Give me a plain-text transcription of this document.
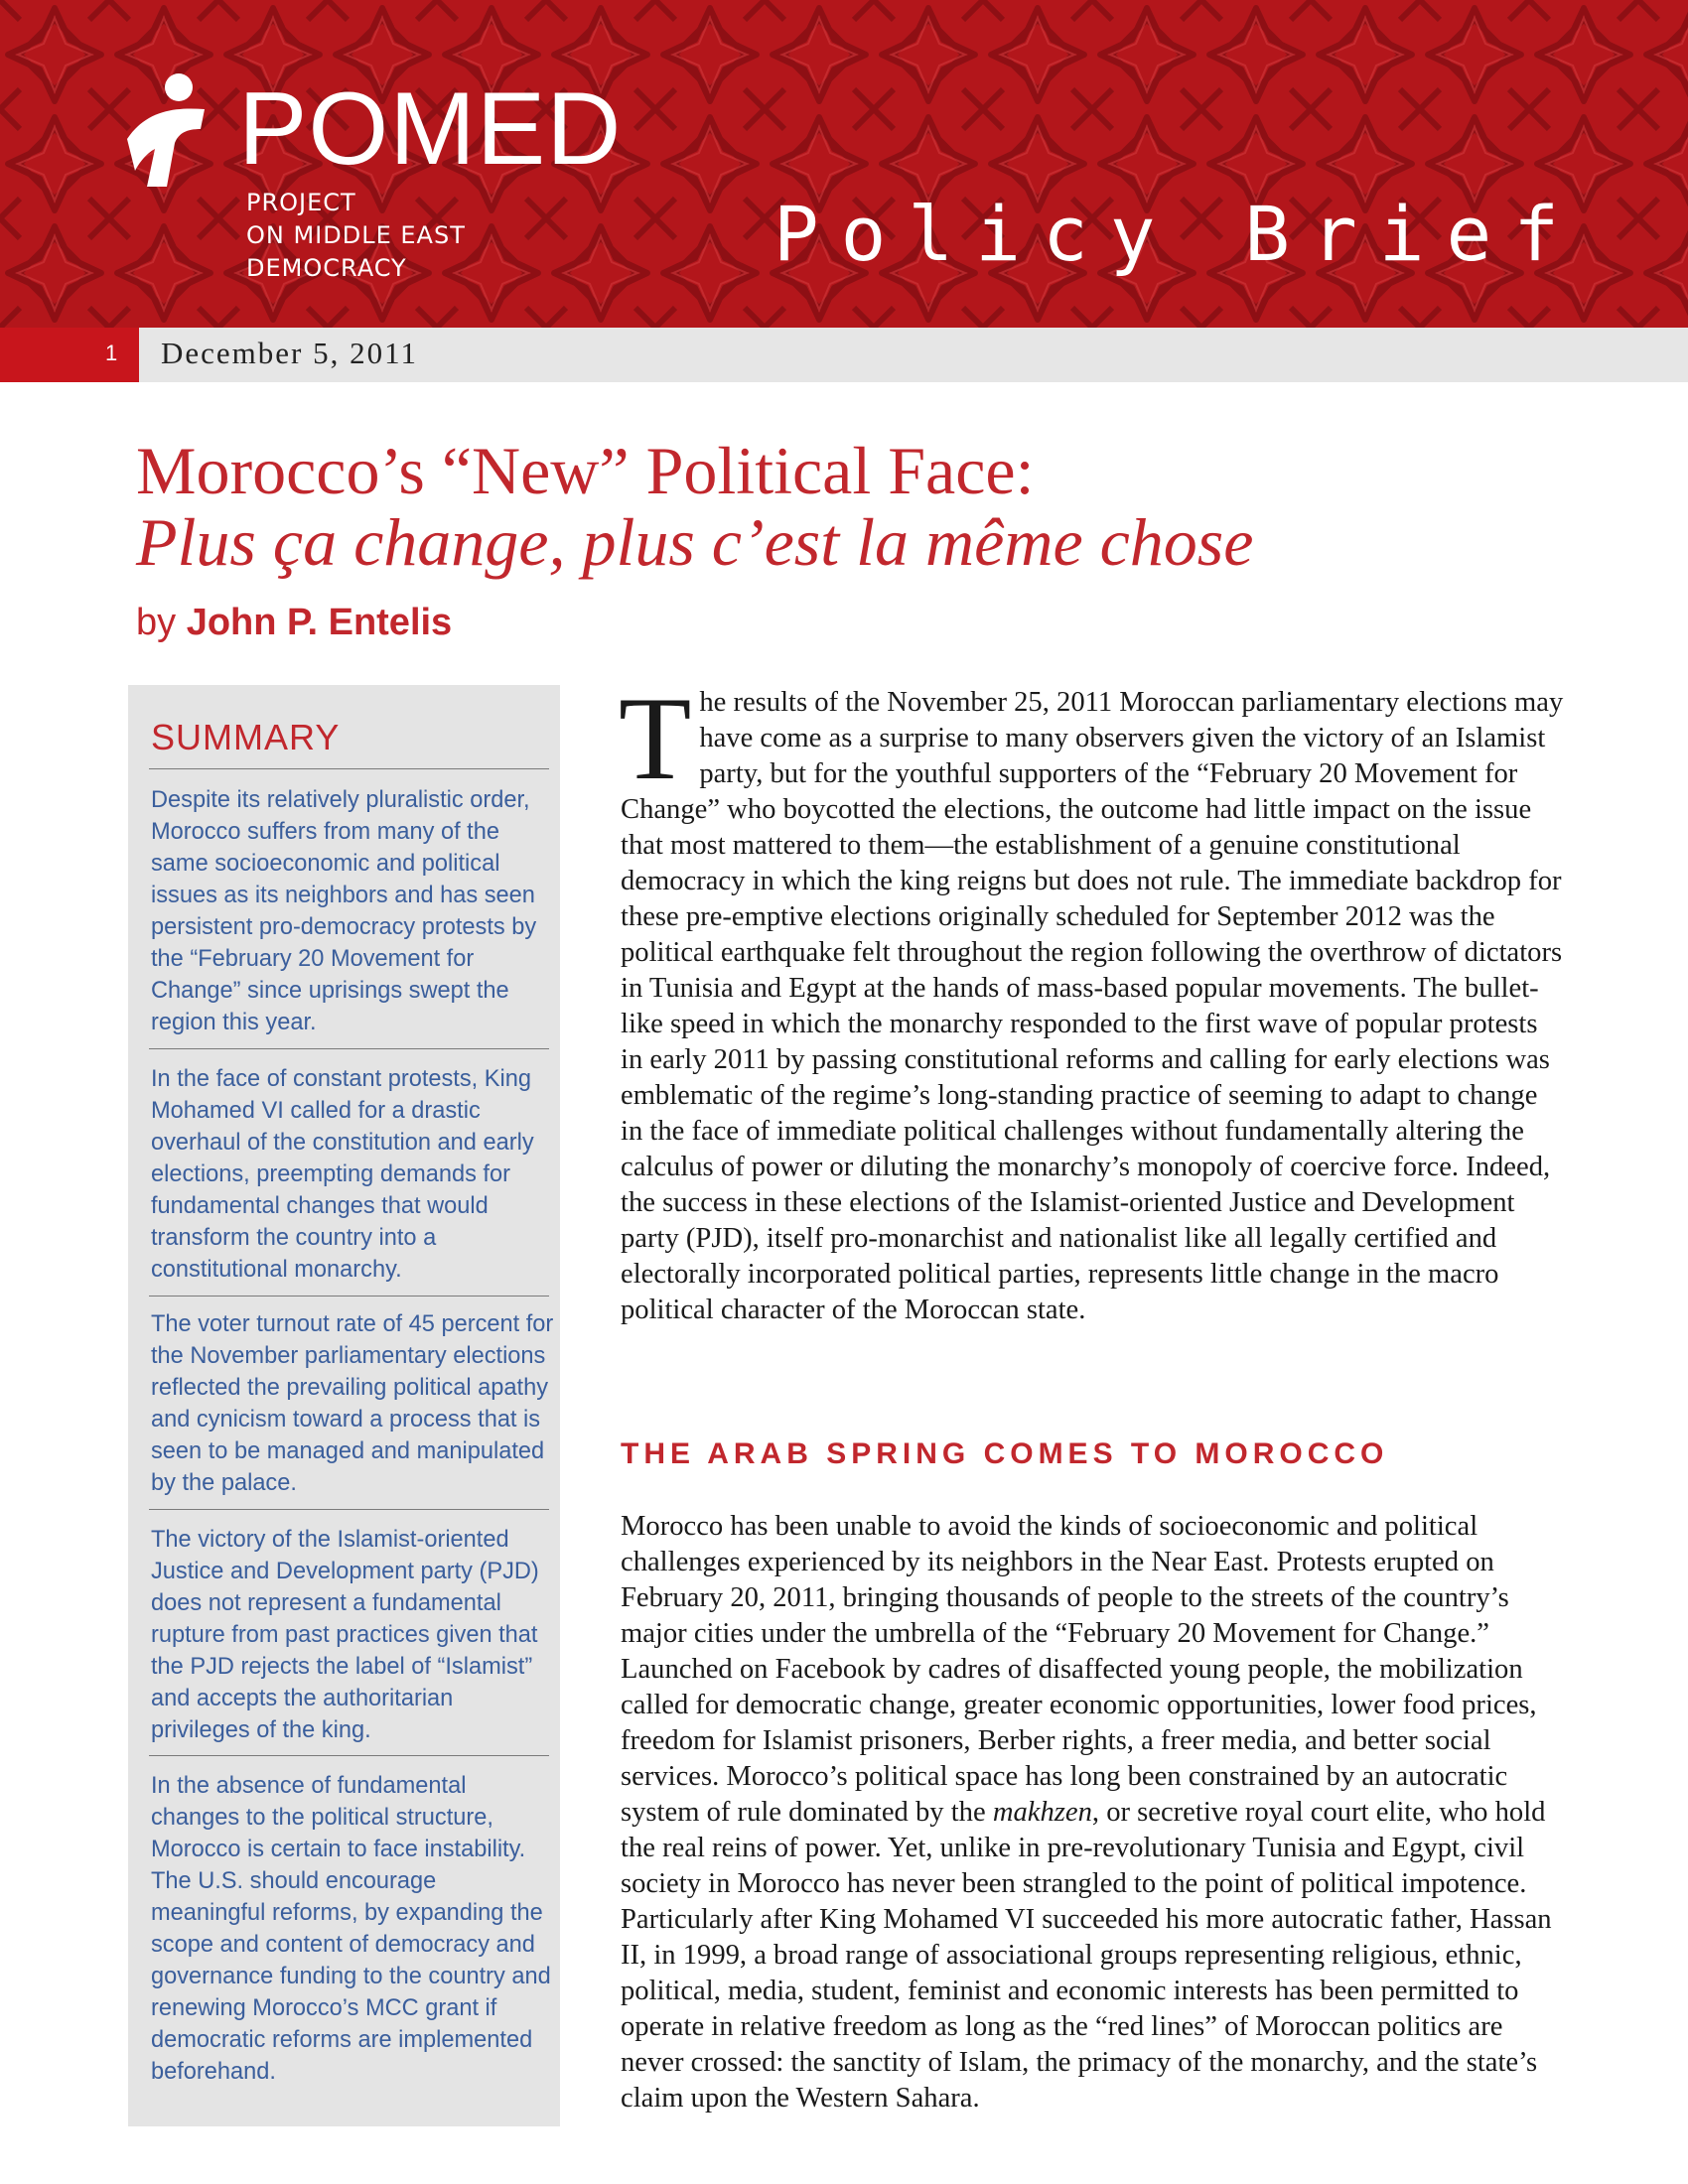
POMED
PROJECT
ON MIDDLE EAST
DEMOCRACY	Policy Brief
1 December 5, 2011
Morocco’s “New” Political Face:
Plus ça change, plus c’est la même chose
by John P. Entelis
SUMMARY

Despite its relatively pluralistic order, Morocco suffers from many of the same socioeconomic and political issues as its neighbors and has seen persistent pro-democracy protests by the “February 20 Movement for Change” since uprisings swept the region this year.

In the face of constant protests, King Mohamed VI called for a drastic overhaul of the constitution and early elections, preempting demands for fundamental changes that would transform the country into a constitutional monarchy.

The voter turnout rate of 45 percent for the November parliamentary elections reflected the prevailing political apathy and cynicism toward a process that is seen to be managed and manipulated by the palace.

The victory of the Islamist-oriented Justice and Development party (PJD) does not represent a fundamental rupture from past practices given that the PJD rejects the label of “Islamist” and accepts the authoritarian privileges of the king.

In the absence of fundamental changes to the political structure, Morocco is certain to face instability. The U.S. should encourage meaningful reforms, by expanding the scope and content of democracy and governance funding to the country and renewing Morocco’s MCC grant if democratic reforms are implemented beforehand.

The results of the November 25, 2011 Moroccan parliamentary elections may have come as a surprise to many observers given the victory of an Islamist party, but for the youthful supporters of the “February 20 Movement for Change” who boycotted the elections, the outcome had little impact on the issue that most mattered to them—the establishment of a genuine constitutional democracy in which the king reigns but does not rule. The immediate backdrop for these pre-emptive elections originally scheduled for September 2012 was the political earthquake felt throughout the region following the overthrow of dictators in Tunisia and Egypt at the hands of mass-based popular movements. The bullet-like speed in which the monarchy responded to the first wave of popular protests in early 2011 by passing constitutional reforms and calling for early elections was emblematic of the regime’s long-standing practice of seeming to adapt to change in the face of immediate political challenges without fundamentally altering the calculus of power or diluting the monarchy’s monopoly of coercive force. Indeed, the success in these elections of the Islamist-oriented Justice and Development party (PJD), itself pro-monarchist and nationalist like all legally certified and electorally incorporated political parties, represents little change in the macro political character of the Moroccan state.

THE ARAB SPRING COMES TO MOROCCO

Morocco has been unable to avoid the kinds of socioeconomic and political challenges experienced by its neighbors in the Near East. Protests erupted on February 20, 2011, bringing thousands of people to the streets of the country’s major cities under the umbrella of the “February 20 Movement for Change.” Launched on Facebook by cadres of disaffected young people, the mobilization called for democratic change, greater economic opportunities, lower food prices, freedom for Islamist prisoners, Berber rights, a freer media, and better social services. Morocco’s political space has long been constrained by an autocratic system of rule dominated by the makhzen, or secretive royal court elite, who hold the real reins of power. Yet, unlike in pre-revolutionary Tunisia and Egypt, civil society in Morocco has never been strangled to the point of political impotence. Particularly after King Mohamed VI succeeded his more autocratic father, Hassan II, in 1999, a broad range of associational groups representing religious, ethnic, political, media, student, feminist and economic interests has been permitted to operate in relative freedom as long as the “red lines” of Moroccan politics are never crossed: the sanctity of Islam, the primacy of the monarchy, and the state’s claim upon the Western Sahara.
